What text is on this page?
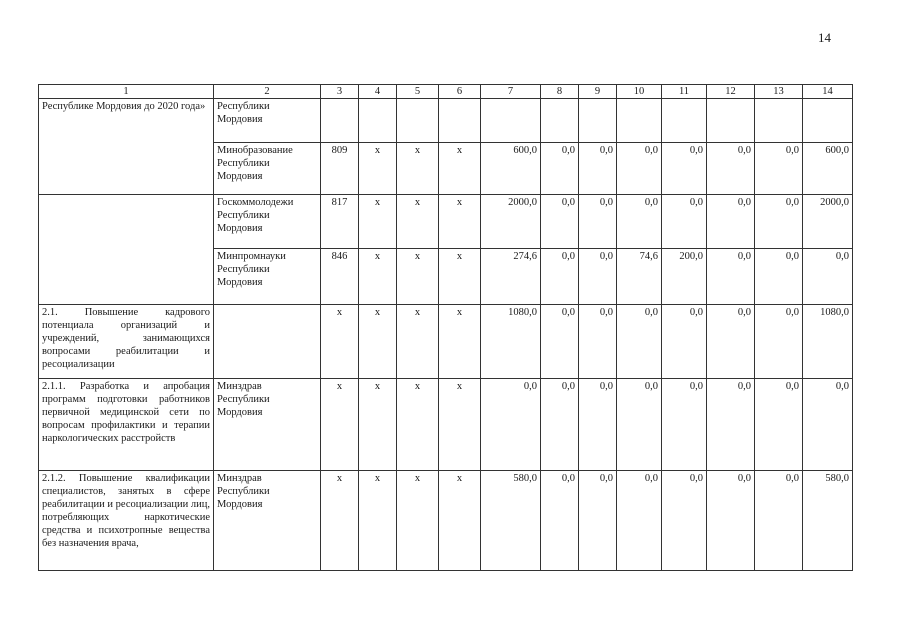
14
1	2	3	4	5	6	7	8	9	10	11	12	13	14
Республике Мордовия до 2020 года»	Республики Мордовия												
	Минобразование Республики Мордовия	809	х	х	х	600,0	0,0	0,0	0,0	0,0	0,0	0,0	600,0
	Госкоммолодежи Республики Мордовия	817	х	х	х	2000,0	0,0	0,0	0,0	0,0	0,0	0,0	2000,0
	Минпромнауки Республики Мордовия	846	х	х	х	274,6	0,0	0,0	74,6	200,0	0,0	0,0	0,0
2.1. Повышение кадрового потенциала организаций и учреждений, занимающихся вопросами реабилитации и ресоциализации		х	х	х	х	1080,0	0,0	0,0	0,0	0,0	0,0	0,0	1080,0
2.1.1. Разработка и апробация программ подготовки работников первичной медицинской сети по вопросам профилактики и терапии наркологических расстройств	Минздрав Республики Мордовия	х	х	х	х	0,0	0,0	0,0	0,0	0,0	0,0	0,0	0,0
2.1.2. Повышение квалификации специалистов, занятых в сфере реабилитации и ресоциализации лиц, потребляющих наркотические средства и психотропные вещества без назначения врача,	Минздрав Республики Мордовия	х	х	х	х	580,0	0,0	0,0	0,0	0,0	0,0	0,0	580,0
